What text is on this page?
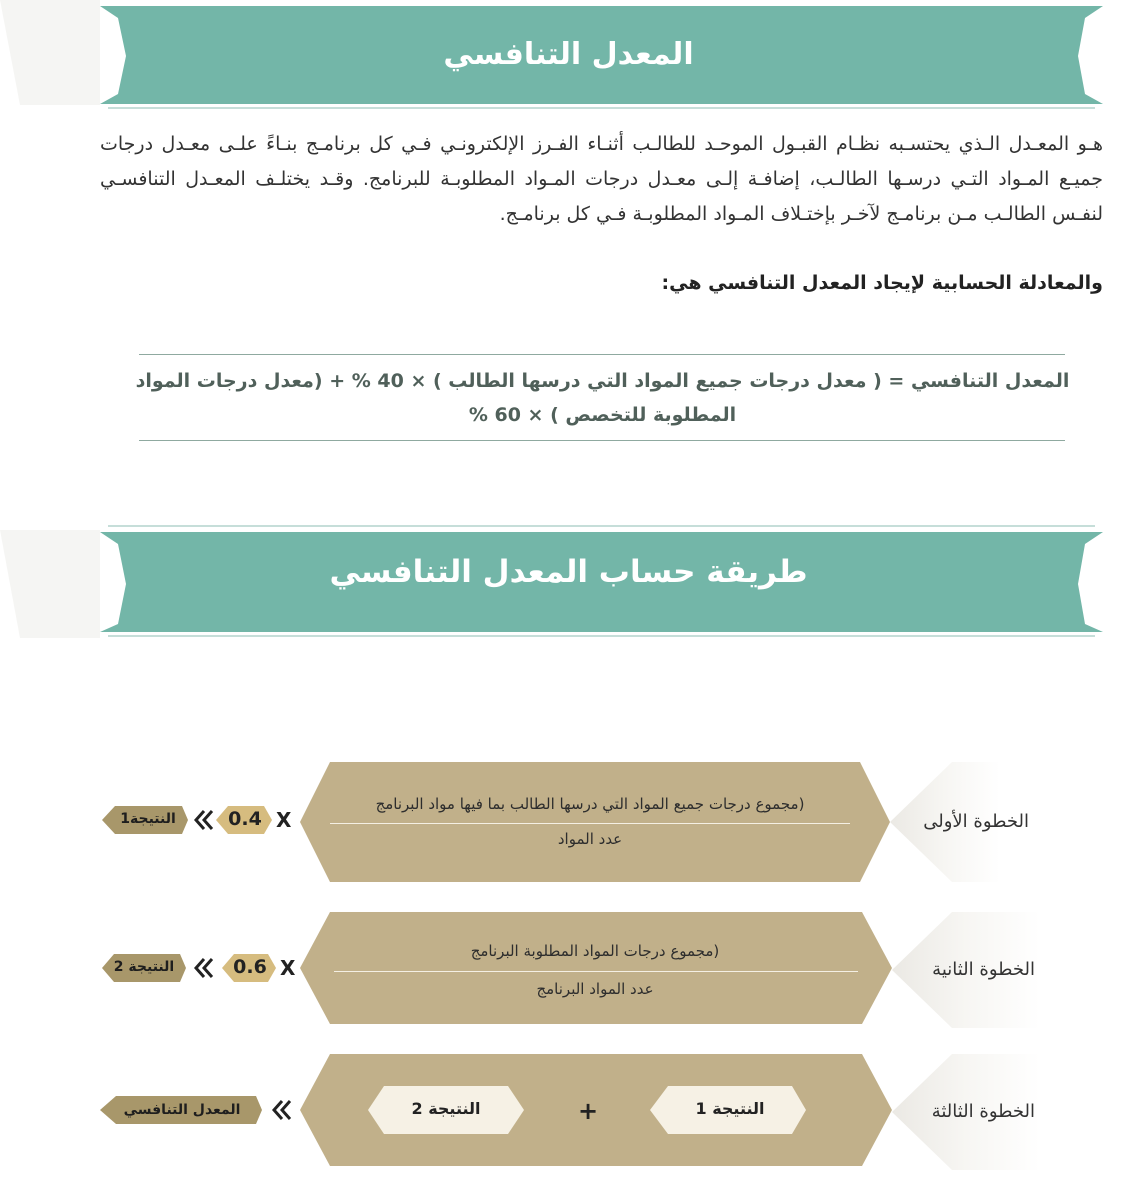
المعدل التنافسي
هـو المعـدل الـذي يحتسـبه نظـام القبـول الموحـد للطالـب أثنـاء الفـرز الإلكترونـي فـي كل برنامـج بنـاءً علـى معـدل درجات جميـع المـواد التـي درسـها الطالـب، إضافـة إلـى معـدل درجات المـواد المطلوبـة للبرنامج. وقـد يختلـف المعـدل التنافسـي لنفـس الطالـب مـن برنامـج لآخـر بإختـلاف المـواد المطلوبـة فـي كل برنامـج.
والمعادلة الحسابية لإيجاد المعدل التنافسي هي:
المعدل التنافسي = ( معدل درجات جميع المواد التي درسها الطالب ) × 40 % + (معدل درجات المواد
المطلوبة للتخصص ) × 60 %
طريقة حساب المعدل التنافسي
الخطوة الأولى
(مجموع درجات جميع المواد التي درسها الطالب بما فيها مواد البرنامج
عدد المواد
X
0.4
النتيجة1
الخطوة الثانية
(مجموع درجات المواد المطلوبة البرنامج
عدد المواد البرنامج
X
0.6
النتيجة 2
الخطوة الثالثة
النتيجة 1
+
النتيجة 2
المعدل التنافسي
